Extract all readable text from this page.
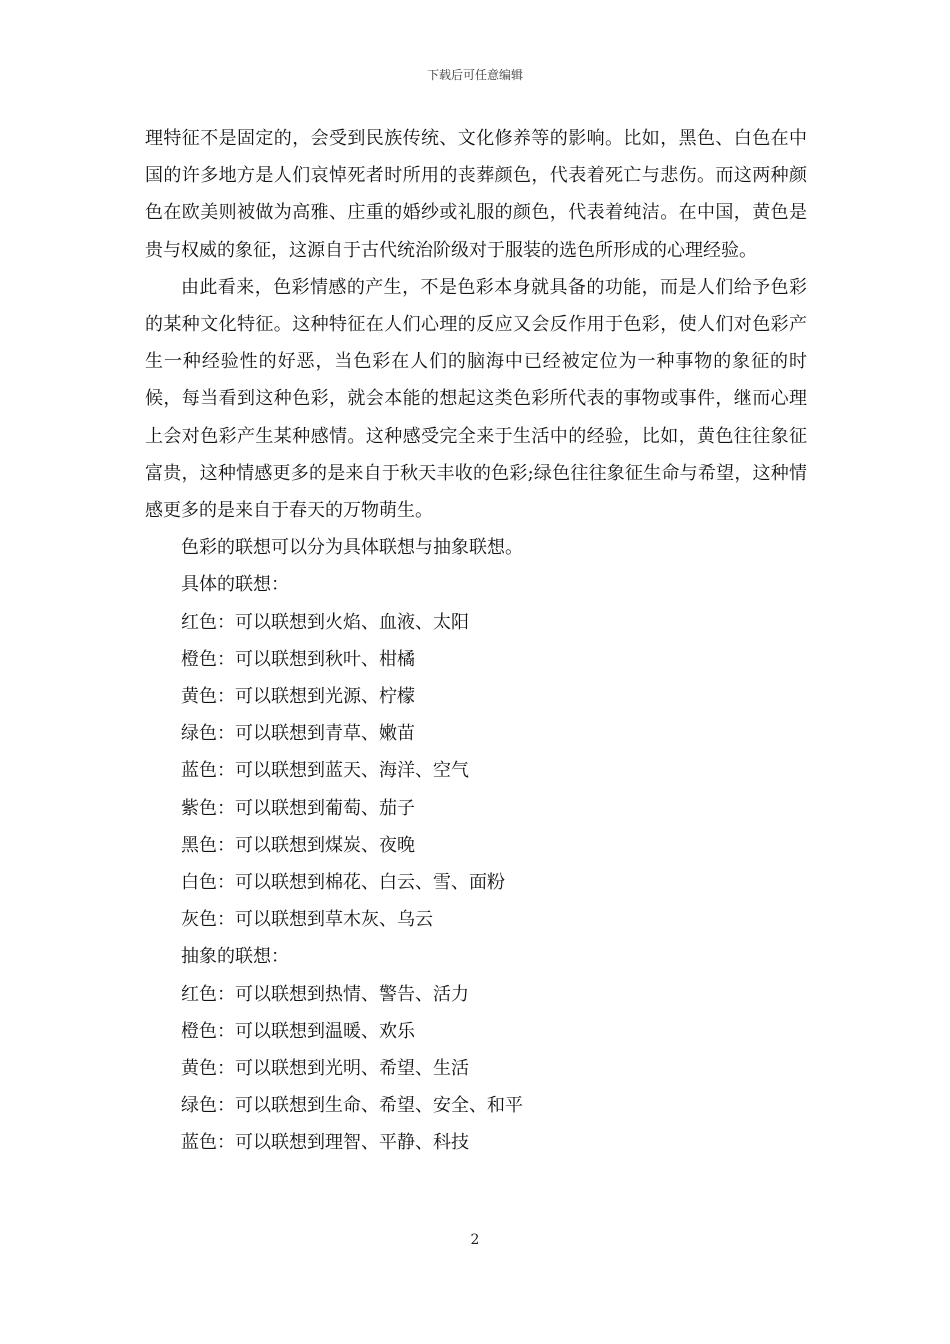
下载后可任意编辑

理特征不是固定的，会受到民族传统、文化修养等的影响。比如，黑色、白色在中国的许多地方是人们哀悼死者时所用的丧葬颜色，代表着死亡与悲伤。而这两种颜色在欧美则被做为高雅、庄重的婚纱或礼服的颜色，代表着纯洁。在中国，黄色是贵与权威的象征，这源自于古代统治阶级对于服装的选色所形成的心理经验。

由此看来，色彩情感的产生，不是色彩本身就具备的功能，而是人们给予色彩的某种文化特征。这种特征在人们心理的反应又会反作用于色彩，使人们对色彩产生一种经验性的好恶，当色彩在人们的脑海中已经被定位为一种事物的象征的时候，每当看到这种色彩，就会本能的想起这类色彩所代表的事物或事件，继而心理上会对色彩产生某种感情。这种感受完全来于生活中的经验，比如，黄色往往象征富贵，这种情感更多的是来自于秋天丰收的色彩;绿色往往象征生命与希望，这种情感更多的是来自于春天的万物萌生。

色彩的联想可以分为具体联想与抽象联想。

具体的联想：

红色：可以联想到火焰、血液、太阳

橙色：可以联想到秋叶、柑橘

黄色：可以联想到光源、柠檬

绿色：可以联想到青草、嫩苗

蓝色：可以联想到蓝天、海洋、空气

紫色：可以联想到葡萄、茄子

黑色：可以联想到煤炭、夜晚

白色：可以联想到棉花、白云、雪、面粉

灰色：可以联想到草木灰、乌云

抽象的联想：

红色：可以联想到热情、警告、活力

橙色：可以联想到温暖、欢乐

黄色：可以联想到光明、希望、生活

绿色：可以联想到生命、希望、安全、和平

蓝色：可以联想到理智、平静、科技

2
